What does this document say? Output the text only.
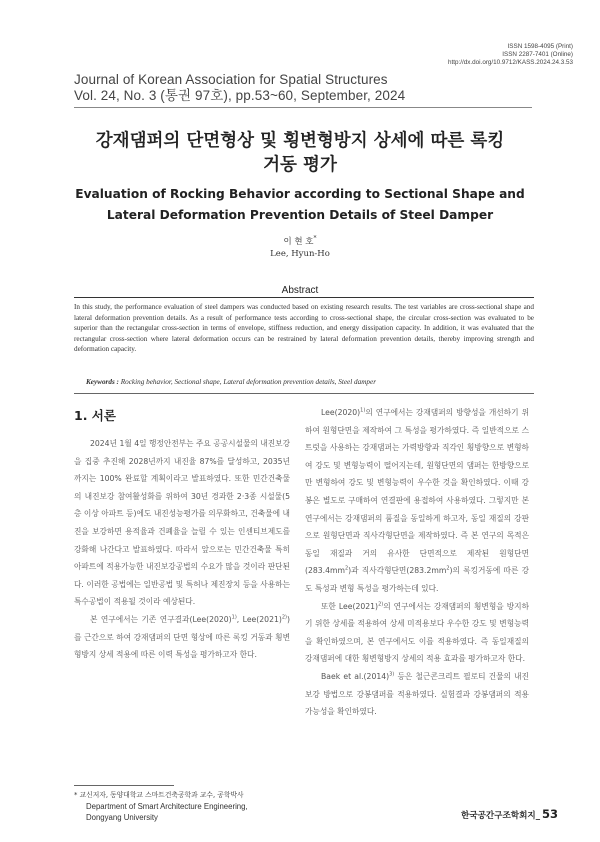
ISSN 1598-4095 (Print)
ISSN 2287-7401 (Online)
http://dx.doi.org/10.9712/KASS.2024.24.3.53
Journal of Korean Association for Spatial Structures
Vol. 24, No. 3 (통권 97호), pp.53~60, September, 2024
강재댐퍼의 단면형상 및 횡변형방지 상세에 따른 록킹
거동 평가
Evaluation of Rocking Behavior according to Sectional Shape and
Lateral Deformation Prevention Details of Steel Damper
이 현 호*
Lee, Hyun-Ho
Abstract
In this study, the performance evaluation of steel dampers was conducted based on existing research results. The test variables are cross-sectional shape and lateral deformation prevention details. As a result of performance tests according to cross-sectional shape, the circular cross-section was evaluated to be superior than the rectangular cross-section in terms of envelope, stiffness reduction, and energy dissipation capacity. In addition, it was evaluated that the rectangular cross-section where lateral deformation occurs can be restrained by lateral deformation prevention details, thereby improving strength and deformation capacity.
Keywords : Rocking behavior, Sectional shape, Lateral deformation prevention details, Steel damper
1. 서론

2024년 1월 4일 행정안전부는 주요 공공시설물의 내진보강을 집중 추진해 2028년까지 내진율 87%를 달성하고, 2035년까지는 100% 완료할 계획이라고 발표하였다. 또한 민간건축물의 내진보강 참여활성화를 위하여 30년 경과한 2·3종 시설물(5층 이상 아파트 등)에도 내진성능평가를 의무화하고, 건축물에 내진을 보강하면 용적율과 건폐율을 늘릴 수 있는 인센티브제도를 강화해 나간다고 발표하였다. 따라서 앞으로는 민간건축물 특히 아파트에 적용가능한 내진보강공법의 수요가 많을 것이라 판단된다. 이러한 공법에는 일반공법 및 특허나 제진장치 등을 사용하는 특수공법이 적용될 것이라 예상된다.

본 연구에서는 기존 연구결과($Lee(2020)^{1)}$, $Lee(2021)^{2)}$)를 근간으로 하여 강재댐퍼의 단면 형상에 따른 록킹 거동과 횡변형방지 상세 적용에 따른 이력 특성을 평가하고자 한다.

$Lee(2020)^{1)}$의 연구에서는 강재댐퍼의 방향성을 개선하기 위하여 원형단면을 제작하여 그 특성을 평가하였다. 즉 일반적으로 스트럿을 사용하는 강재댐퍼는 가력방향과 직각인 횡방향으로 변형하여 강도 및 변형능력이 떨어지는데, 원형단면의 댐퍼는 한방향으로만 변형하여 강도 및 변형능력이 우수한 것을 확인하였다. 이때 강봉은 별도로 구매하여 연결판에 용접하여 사용하였다. 그렇지만 본 연구에서는 강재댐퍼의 품질을 동일하게 하고자, 동일 재질의 강판으로 원형단면과 직사각형단면을 제작하였다. 즉 본 연구의 목적은 동일 재질과 거의 유사한 단면적으로 제작된 원형단면$(283.4mm^2)$과 직사각형단면$(283.2mm^2)$의 록킹거동에 따른 강도 특성과 변형 특성을 평가하는데 있다.

또한 $Lee(2021)^{2)}$의 연구에서는 강재댐퍼의 횡변형을 방지하기 위한 상세를 적용하여 상세 미적용보다 우수한 강도 및 변형능력을 확인하였으며, 본 연구에서도 이를 적용하였다. 즉 동일재질의 강재댐퍼에 대한 횡변형방지 상세의 적용 효과를 평가하고자 한다.

Baek et $al.(2014)^{3)}$ 등은 철근콘크리트 필로티 건물의 내진보강 방법으로 강봉댐퍼를 적용하였다. 실험결과 강봉댐퍼의 적용 가능성을 확인하였다.

* 교신저자, 동양대학교 스마트건축공학과 교수, 공학박사
Department of Smart Architecture Engineering,
Dongyang University	한국공간구조학회지_ 53
